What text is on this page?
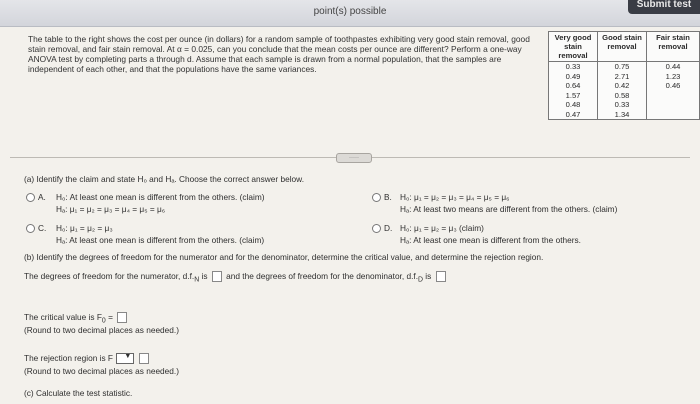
point(s) possible
Submit test
The table to the right shows the cost per ounce (in dollars) for a random sample of toothpastes exhibiting very good stain removal, good stain removal, and fair stain removal. At α = 0.025, can you conclude that the mean costs per ounce are different? Perform a one-way ANOVA test by completing parts a through d. Assume that each sample is drawn from a normal population, that the samples are independent of each other, and that the populations have the same variances.
Very good stain removal	Good stain removal	Fair stain removal
0.33	0.75	0.44
0.49	2.71	1.23
0.64	0.42	0.46
1.57	0.58	
0.48	0.33	
0.47	1.34	
·····
(a) Identify the claim and state H₀ and Hₐ. Choose the correct answer below.
A. H₀: At least one mean is different from the others. (claim)
Hₐ: μ₁ = μ₂ = μ₃ = μ₄ = μ₅ = μ₆
B. H₀: μ₁ = μ₂ = μ₃ = μ₄ = μ₅ = μ₆
Hₐ: At least two means are different from the others. (claim)
C. H₀: μ₁ = μ₂ = μ₃
Hₐ: At least one mean is different from the others. (claim)
D. H₀: μ₁ = μ₂ = μ₃ (claim)
Hₐ: At least one mean is different from the others.
(b) Identify the degrees of freedom for the numerator and for the denominator, determine the critical value, and determine the rejection region.
The degrees of freedom for the numerator, $d.f._N$ is and the degrees of freedom for the denominator, $d.f._D$ is
The critical value is $F_0$ =
(Round to two decimal places as needed.)
The rejection region is F ▼

(Round to two decimal places as needed.)
(c) Calculate the test statistic.
